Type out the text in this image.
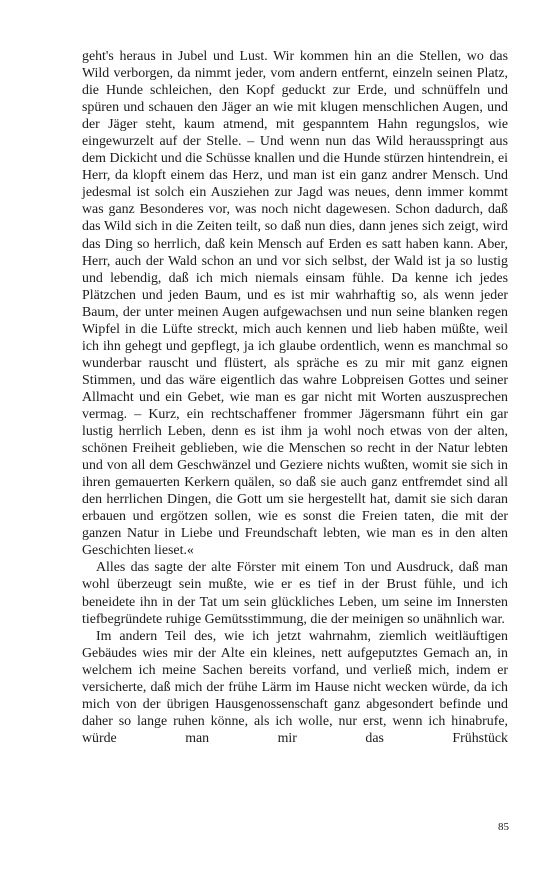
geht's heraus in Jubel und Lust. Wir kommen hin an die Stellen, wo das Wild verborgen, da nimmt jeder, vom andern entfernt, einzeln seinen Platz, die Hunde schleichen, den Kopf geduckt zur Erde, und schnüffeln und spüren und schauen den Jäger an wie mit klugen menschlichen Augen, und der Jäger steht, kaum atmend, mit gespanntem Hahn regungslos, wie eingewurzelt auf der Stelle. – Und wenn nun das Wild herausspringt aus dem Dickicht und die Schüsse knallen und die Hunde stürzen hintendrein, ei Herr, da klopft einem das Herz, und man ist ein ganz andrer Mensch. Und jedesmal ist solch ein Ausziehen zur Jagd was neues, denn immer kommt was ganz Besonderes vor, was noch nicht dagewesen. Schon dadurch, daß das Wild sich in die Zeiten teilt, so daß nun dies, dann jenes sich zeigt, wird das Ding so herrlich, daß kein Mensch auf Erden es satt haben kann. Aber, Herr, auch der Wald schon an und vor sich selbst, der Wald ist ja so lustig und lebendig, daß ich mich niemals einsam fühle. Da kenne ich jedes Plätzchen und jeden Baum, und es ist mir wahrhaftig so, als wenn jeder Baum, der unter meinen Augen aufgewachsen und nun seine blanken regen Wipfel in die Lüfte streckt, mich auch kennen und lieb haben müßte, weil ich ihn gehegt und gepflegt, ja ich glaube ordentlich, wenn es manchmal so wunderbar rauscht und flüstert, als spräche es zu mir mit ganz eignen Stimmen, und das wäre eigentlich das wahre Lobpreisen Gottes und seiner Allmacht und ein Gebet, wie man es gar nicht mit Worten auszusprechen vermag. – Kurz, ein rechtschaffener frommer Jägersmann führt ein gar lustig herrlich Leben, denn es ist ihm ja wohl noch etwas von der alten, schönen Freiheit geblieben, wie die Menschen so recht in der Natur lebten und von all dem Geschwänzel und Geziere nichts wußten, womit sie sich in ihren gemauerten Kerkern quälen, so daß sie auch ganz entfremdet sind all den herrlichen Dingen, die Gott um sie hergestellt hat, damit sie sich daran erbauen und ergötzen sollen, wie es sonst die Freien taten, die mit der ganzen Natur in Liebe und Freundschaft lebten, wie man es in den alten Geschichten lieset.«

Alles das sagte der alte Förster mit einem Ton und Ausdruck, daß man wohl überzeugt sein mußte, wie er es tief in der Brust fühle, und ich beneidete ihn in der Tat um sein glückliches Leben, um seine im Innersten tiefbegründete ruhige Gemütsstimmung, die der meinigen so unähnlich war.

Im andern Teil des, wie ich jetzt wahrnahm, ziemlich weitläuftigen Gebäudes wies mir der Alte ein kleines, nett aufgeputztes Gemach an, in welchem ich meine Sachen bereits vorfand, und verließ mich, indem er versicherte, daß mich der frühe Lärm im Hause nicht wecken würde, da ich mich von der übrigen Hausgenossenschaft ganz abgesondert befinde und daher so lange ruhen könne, als ich wolle, nur erst, wenn ich hinabrufe, würde man mir das Frühstück

85
